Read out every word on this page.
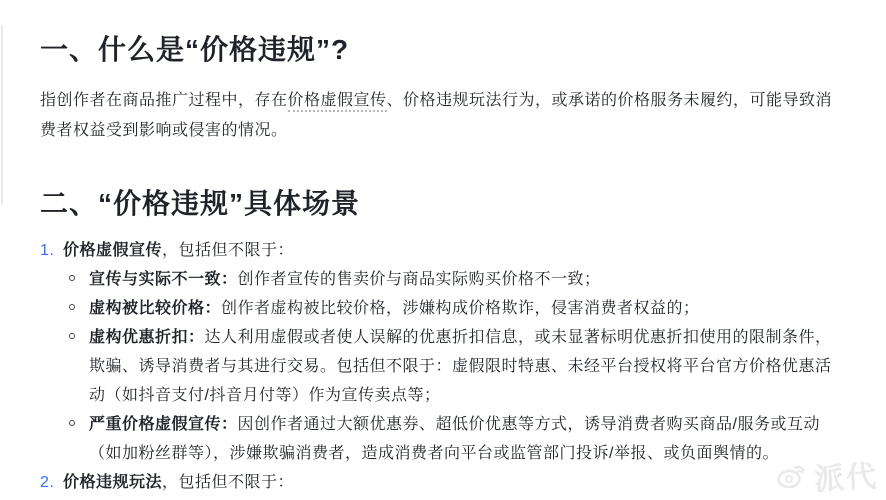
一、什么是“价格违规”?

指创作者在商品推广过程中，存在价格虚假宣传、价格违规玩法行为，或承诺的价格服务未履约，可能导致消费者权益受到影响或侵害的情况。

二、“价格违规”具体场景
1. 价格虚假宣传，包括但不限于：
宣传与实际不一致：创作者宣传的售卖价与商品实际购买价格不一致；
虚构被比较价格：创作者虚构被比较价格，涉嫌构成价格欺诈，侵害消费者权益的；
虚构优惠折扣：达人利用虚假或者使人误解的优惠折扣信息，或未显著标明优惠折扣使用的限制条件，欺骗、诱导消费者与其进行交易。包括但不限于：虚假限时特惠、未经平台授权将平台官方价格优惠活动（如抖音支付/抖音月付等）作为宣传卖点等；
严重价格虚假宣传：因创作者通过大额优惠券、超低价优惠等方式，诱导消费者购买商品/服务或互动（如加粉丝群等），涉嫌欺骗消费者，造成消费者向平台或监管部门投诉/举报、或负面舆情的。
2. 价格违规玩法，包括但不限于：	派代
